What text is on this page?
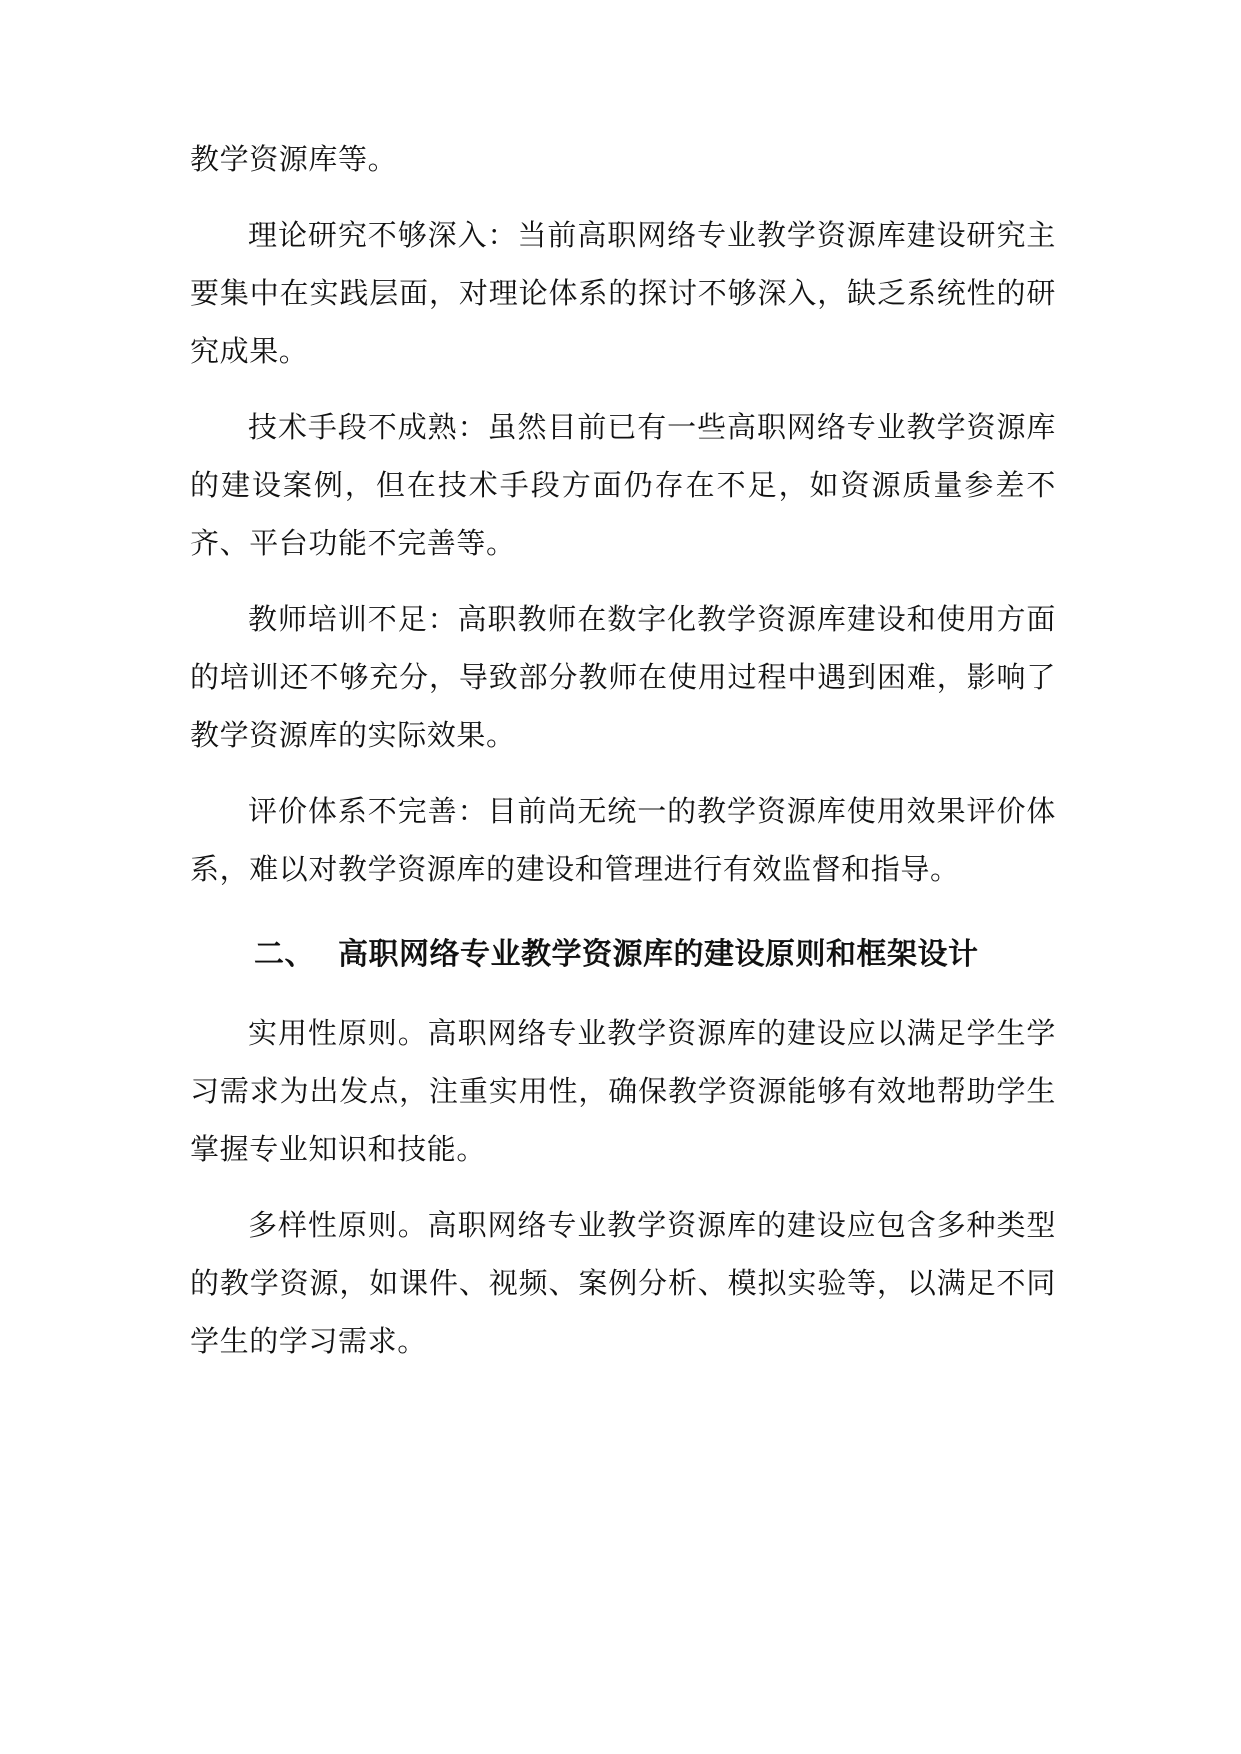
教学资源库等。

理论研究不够深入：当前高职网络专业教学资源库建设研究主要集中在实践层面，对理论体系的探讨不够深入，缺乏系统性的研究成果。

技术手段不成熟：虽然目前已有一些高职网络专业教学资源库的建设案例，但在技术手段方面仍存在不足，如资源质量参差不齐、平台功能不完善等。

教师培训不足：高职教师在数字化教学资源库建设和使用方面的培训还不够充分，导致部分教师在使用过程中遇到困难，影响了教学资源库的实际效果。

评价体系不完善：目前尚无统一的教学资源库使用效果评价体系，难以对教学资源库的建设和管理进行有效监督和指导。

二、 高职网络专业教学资源库的建设原则和框架设计

实用性原则。高职网络专业教学资源库的建设应以满足学生学习需求为出发点，注重实用性，确保教学资源能够有效地帮助学生掌握专业知识和技能。

多样性原则。高职网络专业教学资源库的建设应包含多种类型的教学资源，如课件、视频、案例分析、模拟实验等，以满足不同学生的学习需求。
